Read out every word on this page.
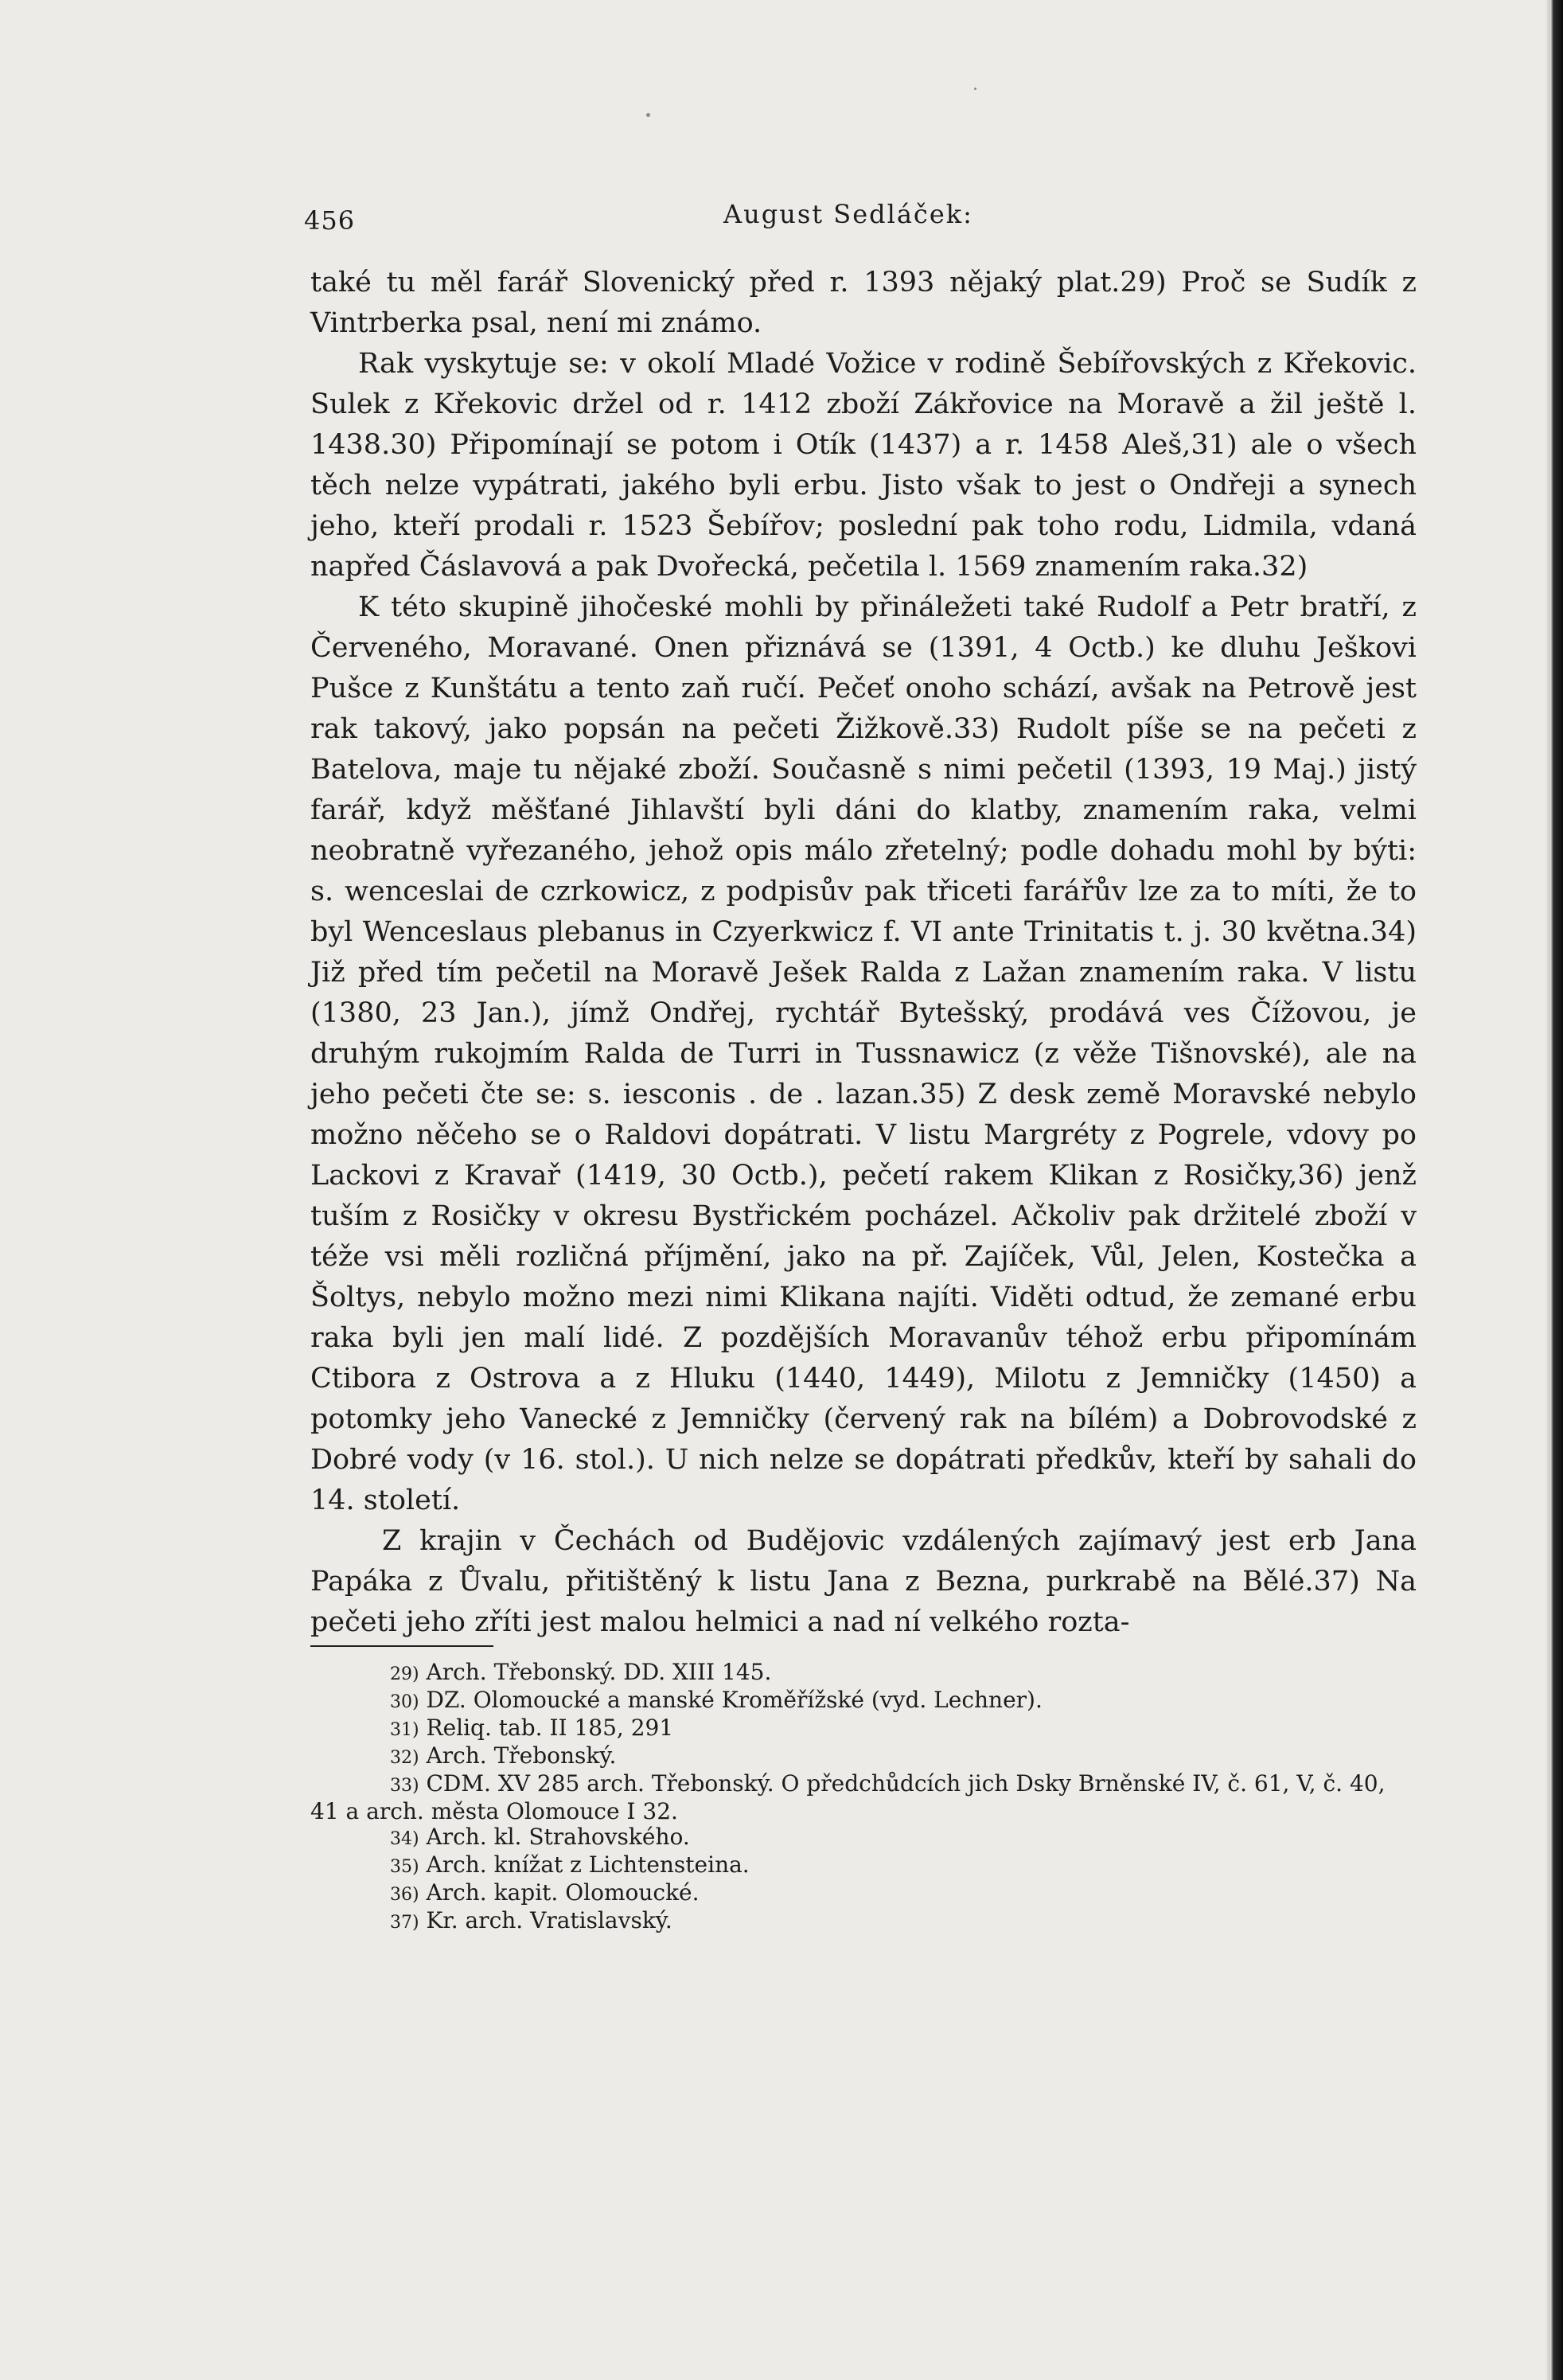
456	August Sedláček:

také tu měl farář Slovenický před r. 1393 nějaký plat.29) Proč se Sudík z Vintrberka psal, není mi známo.

Rak vyskytuje se: v okolí Mladé Vožice v rodině Šebířovských z Křekovic. Sulek z Křekovic držel od r. 1412 zboží Zákřovice na Moravě a žil ještě l. 1438.30) Připomínají se potom i Otík (1437) a r. 1458 Aleš,31) ale o všech těch nelze vypátrati, jakého byli erbu. Jisto však to jest o Ondřeji a synech jeho, kteří prodali r. 1523 Šebířov; poslední pak toho rodu, Lidmila, vdaná napřed Čáslavová a pak Dvořecká, pečetila l. 1569 znamením raka.32)

K této skupině jihočeské mohli by přináležeti také Rudolf a Petr bratří, z Červeného, Moravané. Onen přiznává se (1391, 4 Octb.) ke dluhu Ješkovi Pušce z Kunštátu a tento zaň ručí. Pečeť onoho schází, avšak na Petrově jest rak takový, jako popsán na pečeti Žižkově.33) Rudolt píše se na pečeti z Batelova, maje tu nějaké zboží. Současně s nimi pečetil (1393, 19 Maj.) jistý farář, když měšťané Jihlavští byli dáni do klatby, znamením raka, velmi neobratně vyřezaného, jehož opis málo zřetelný; podle dohadu mohl by býti: s. wenceslai de czrkowicz, z podpisův pak třiceti farářův lze za to míti, že to byl Wenceslaus plebanus in Czyerkwicz f. VI ante Trinitatis t. j. 30 května.34) Již před tím pečetil na Moravě Ješek Ralda z Lažan znamením raka. V listu (1380, 23 Jan.), jímž Ondřej, rychtář Bytešský, prodává ves Čížovou, je druhým rukojmím Ralda de Turri in Tussnawicz (z věže Tišnovské), ale na jeho pečeti čte se: s. iesconis . de . lazan.35) Z desk země Moravské nebylo možno něčeho se o Raldovi dopátrati. V listu Margréty z Pogrele, vdovy po Lackovi z Kravař (1419, 30 Octb.), pečetí rakem Klikan z Rosičky,36) jenž tuším z Rosičky v okresu Bystřickém pocházel. Ačkoliv pak držitelé zboží v téže vsi měli rozličná příjmění, jako na př. Zajíček, Vůl, Jelen, Kostečka a Šoltys, nebylo možno mezi nimi Klikana najíti. Viděti odtud, že zemané erbu raka byli jen malí lidé. Z pozdějších Moravanův téhož erbu připomínám Ctibora z Ostrova a z Hluku (1440, 1449), Milotu z Jemničky (1450) a potomky jeho Vanecké z Jemničky (červený rak na bílém) a Dobrovodské z Dobré vody (v 16. stol.). U nich nelze se dopátrati předkův, kteří by sahali do 14. století.

Z krajin v Čechách od Budějovic vzdálených zajímavý jest erb Jana Papáka z Ůvalu, přitištěný k listu Jana z Bezna, purkrabě na Bělé.37) Na pečeti jeho zříti jest malou helmici a nad ní velkého rozta-

29) Arch. Třebonský. DD. XIII 145.

30) DZ. Olomoucké a manské Kroměřížské (vyd. Lechner).

31) Reliq. tab. II 185, 291

32) Arch. Třebonský.

33) CDM. XV 285 arch. Třebonský. O předchůdcích jich Dsky Brněnské IV, č. 61, V, č. 40, 41 a arch. města Olomouce I 32.

34) Arch. kl. Strahovského.

35) Arch. knížat z Lichtensteina.

36) Arch. kapit. Olomoucké.

37) Kr. arch. Vratislavský.
